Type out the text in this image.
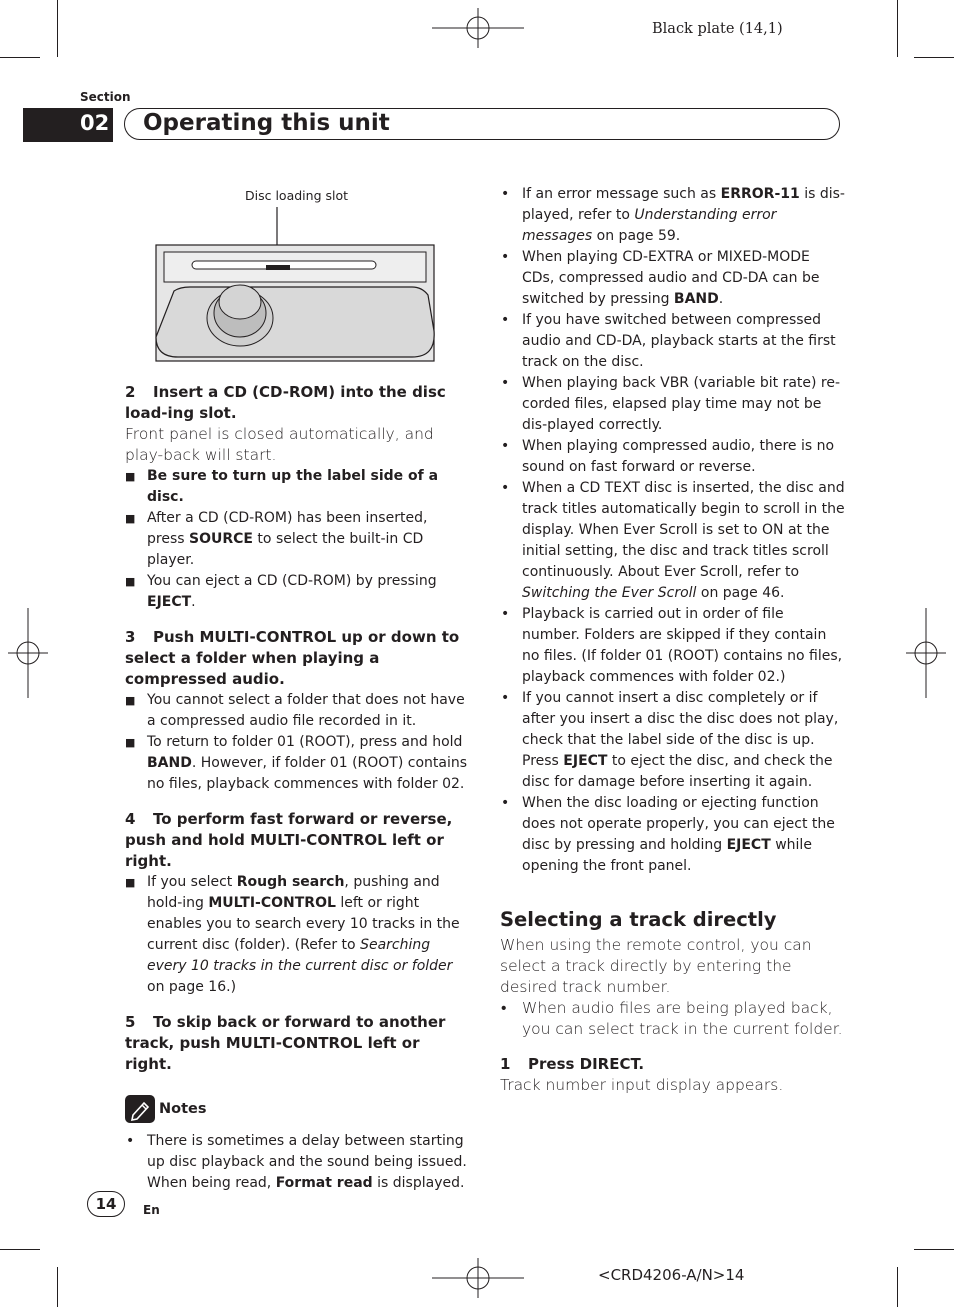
Black plate (14,1)
Section
02 Operating this unit
Disc loading slot

2 Insert a CD (CD-ROM) into the disc load-ing slot.

Front panel is closed automatically, and play-back will start.

■ Be sure to turn up the label side of a disc.

■ After a CD (CD-ROM) has been inserted, press SOURCE to select the built-in CD player.

■ You can eject a CD (CD-ROM) by pressing EJECT.

3 Push MULTI-CONTROL up or down to select a folder when playing a compressed audio.

■ You cannot select a folder that does not have a compressed audio file recorded in it.

■ To return to folder 01 (ROOT), press and hold BAND. However, if folder 01 (ROOT) contains no files, playback commences with folder 02.

4 To perform fast forward or reverse, push and hold MULTI-CONTROL left or right.

■ If you select Rough search, pushing and hold-ing MULTI-CONTROL left or right enables you to search every 10 tracks in the current disc (folder). (Refer to Searching every 10 tracks in the current disc or folder on page 16.)

5 To skip back or forward to another track, push MULTI-CONTROL left or right.

Notes

• There is sometimes a delay between starting up disc playback and the sound being issued. When being read, Format read is displayed.

• If an error message such as ERROR-11 is dis-played, refer to Understanding error messages on page 59.

• When playing CD-EXTRA or MIXED-MODE CDs, compressed audio and CD-DA can be switched by pressing BAND.

• If you have switched between compressed audio and CD-DA, playback starts at the first track on the disc.

• When playing back VBR (variable bit rate) re-corded files, elapsed play time may not be dis-played correctly.

• When playing compressed audio, there is no sound on fast forward or reverse.

• When a CD TEXT disc is inserted, the disc and track titles automatically begin to scroll in the display. When Ever Scroll is set to ON at the initial setting, the disc and track titles scroll continuously. About Ever Scroll, refer to Switching the Ever Scroll on page 46.

• Playback is carried out in order of file number. Folders are skipped if they contain no files. (If folder 01 (ROOT) contains no files, playback commences with folder 02.)

• If you cannot insert a disc completely or if after you insert a disc the disc does not play, check that the label side of the disc is up. Press EJECT to eject the disc, and check the disc for damage before inserting it again.

• When the disc loading or ejecting function does not operate properly, you can eject the disc by pressing and holding EJECT while opening the front panel.

Selecting a track directly

When using the remote control, you can select a track directly by entering the desired track number.

• When audio files are being played back, you can select track in the current folder.

1 Press DIRECT.

Track number input display appears.

14	En
<CRD4206-A/N>14
